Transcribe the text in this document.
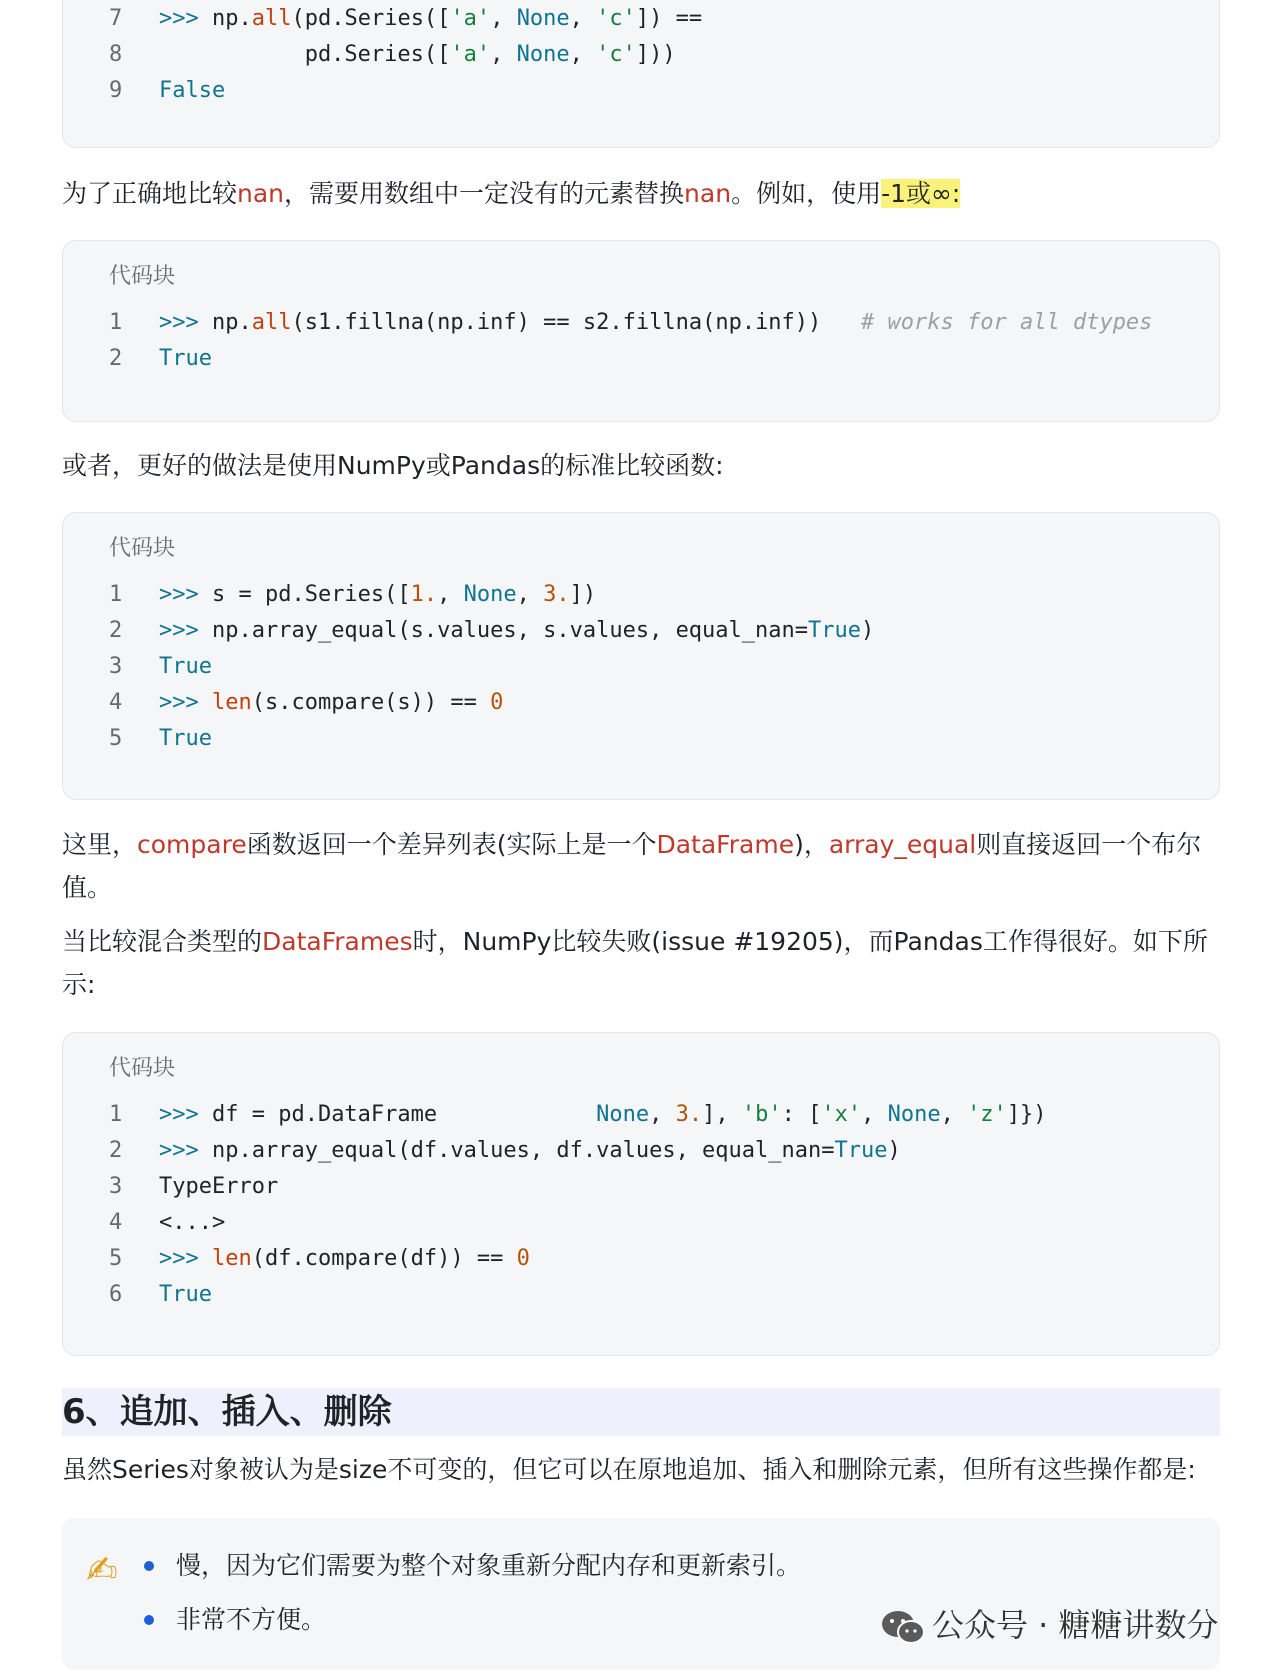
7	>>> np.all(pd.Series(['a', None, 'c']) ==
8	pd.Series(['a', None, 'c']))
9	False
为了正确地比较nan，需要用数组中一定没有的元素替换nan。例如，使用-1或∞:
代码块
1	>>> np.all(s1.fillna(np.inf) == s2.fillna(np.inf))   # works for all dtypes
2	True
或者，更好的做法是使用NumPy或Pandas的标准比较函数:
代码块
1	>>> s = pd.Series([1., None, 3.])
2	>>> np.array_equal(s.values, s.values, equal_nan=True)
3	True
4	>>> len(s.compare(s)) == 0
5	True
这里，compare函数返回一个差异列表(实际上是一个DataFrame)，array_equal则直接返回一个布尔
值。
当比较混合类型的DataFrames时，NumPy比较失败(issue #19205)，而Pandas工作得很好。如下所
示:
代码块
1	>>> df = pd.DataFrame            None, 3.], 'b': ['x', None, 'z']})
2	>>> np.array_equal(df.values, df.values, equal_nan=True)
3	TypeError
4	<...>
5	>>> len(df.compare(df)) == 0
6	True
6、追加、插入、删除
虽然Series对象被认为是size不可变的，但它可以在原地追加、插入和删除元素，但所有这些操作都是:
✍ 慢，因为它们需要为整个对象重新分配内存和更新索引。
非常不方便。	公众号 · 糖糖讲数分
